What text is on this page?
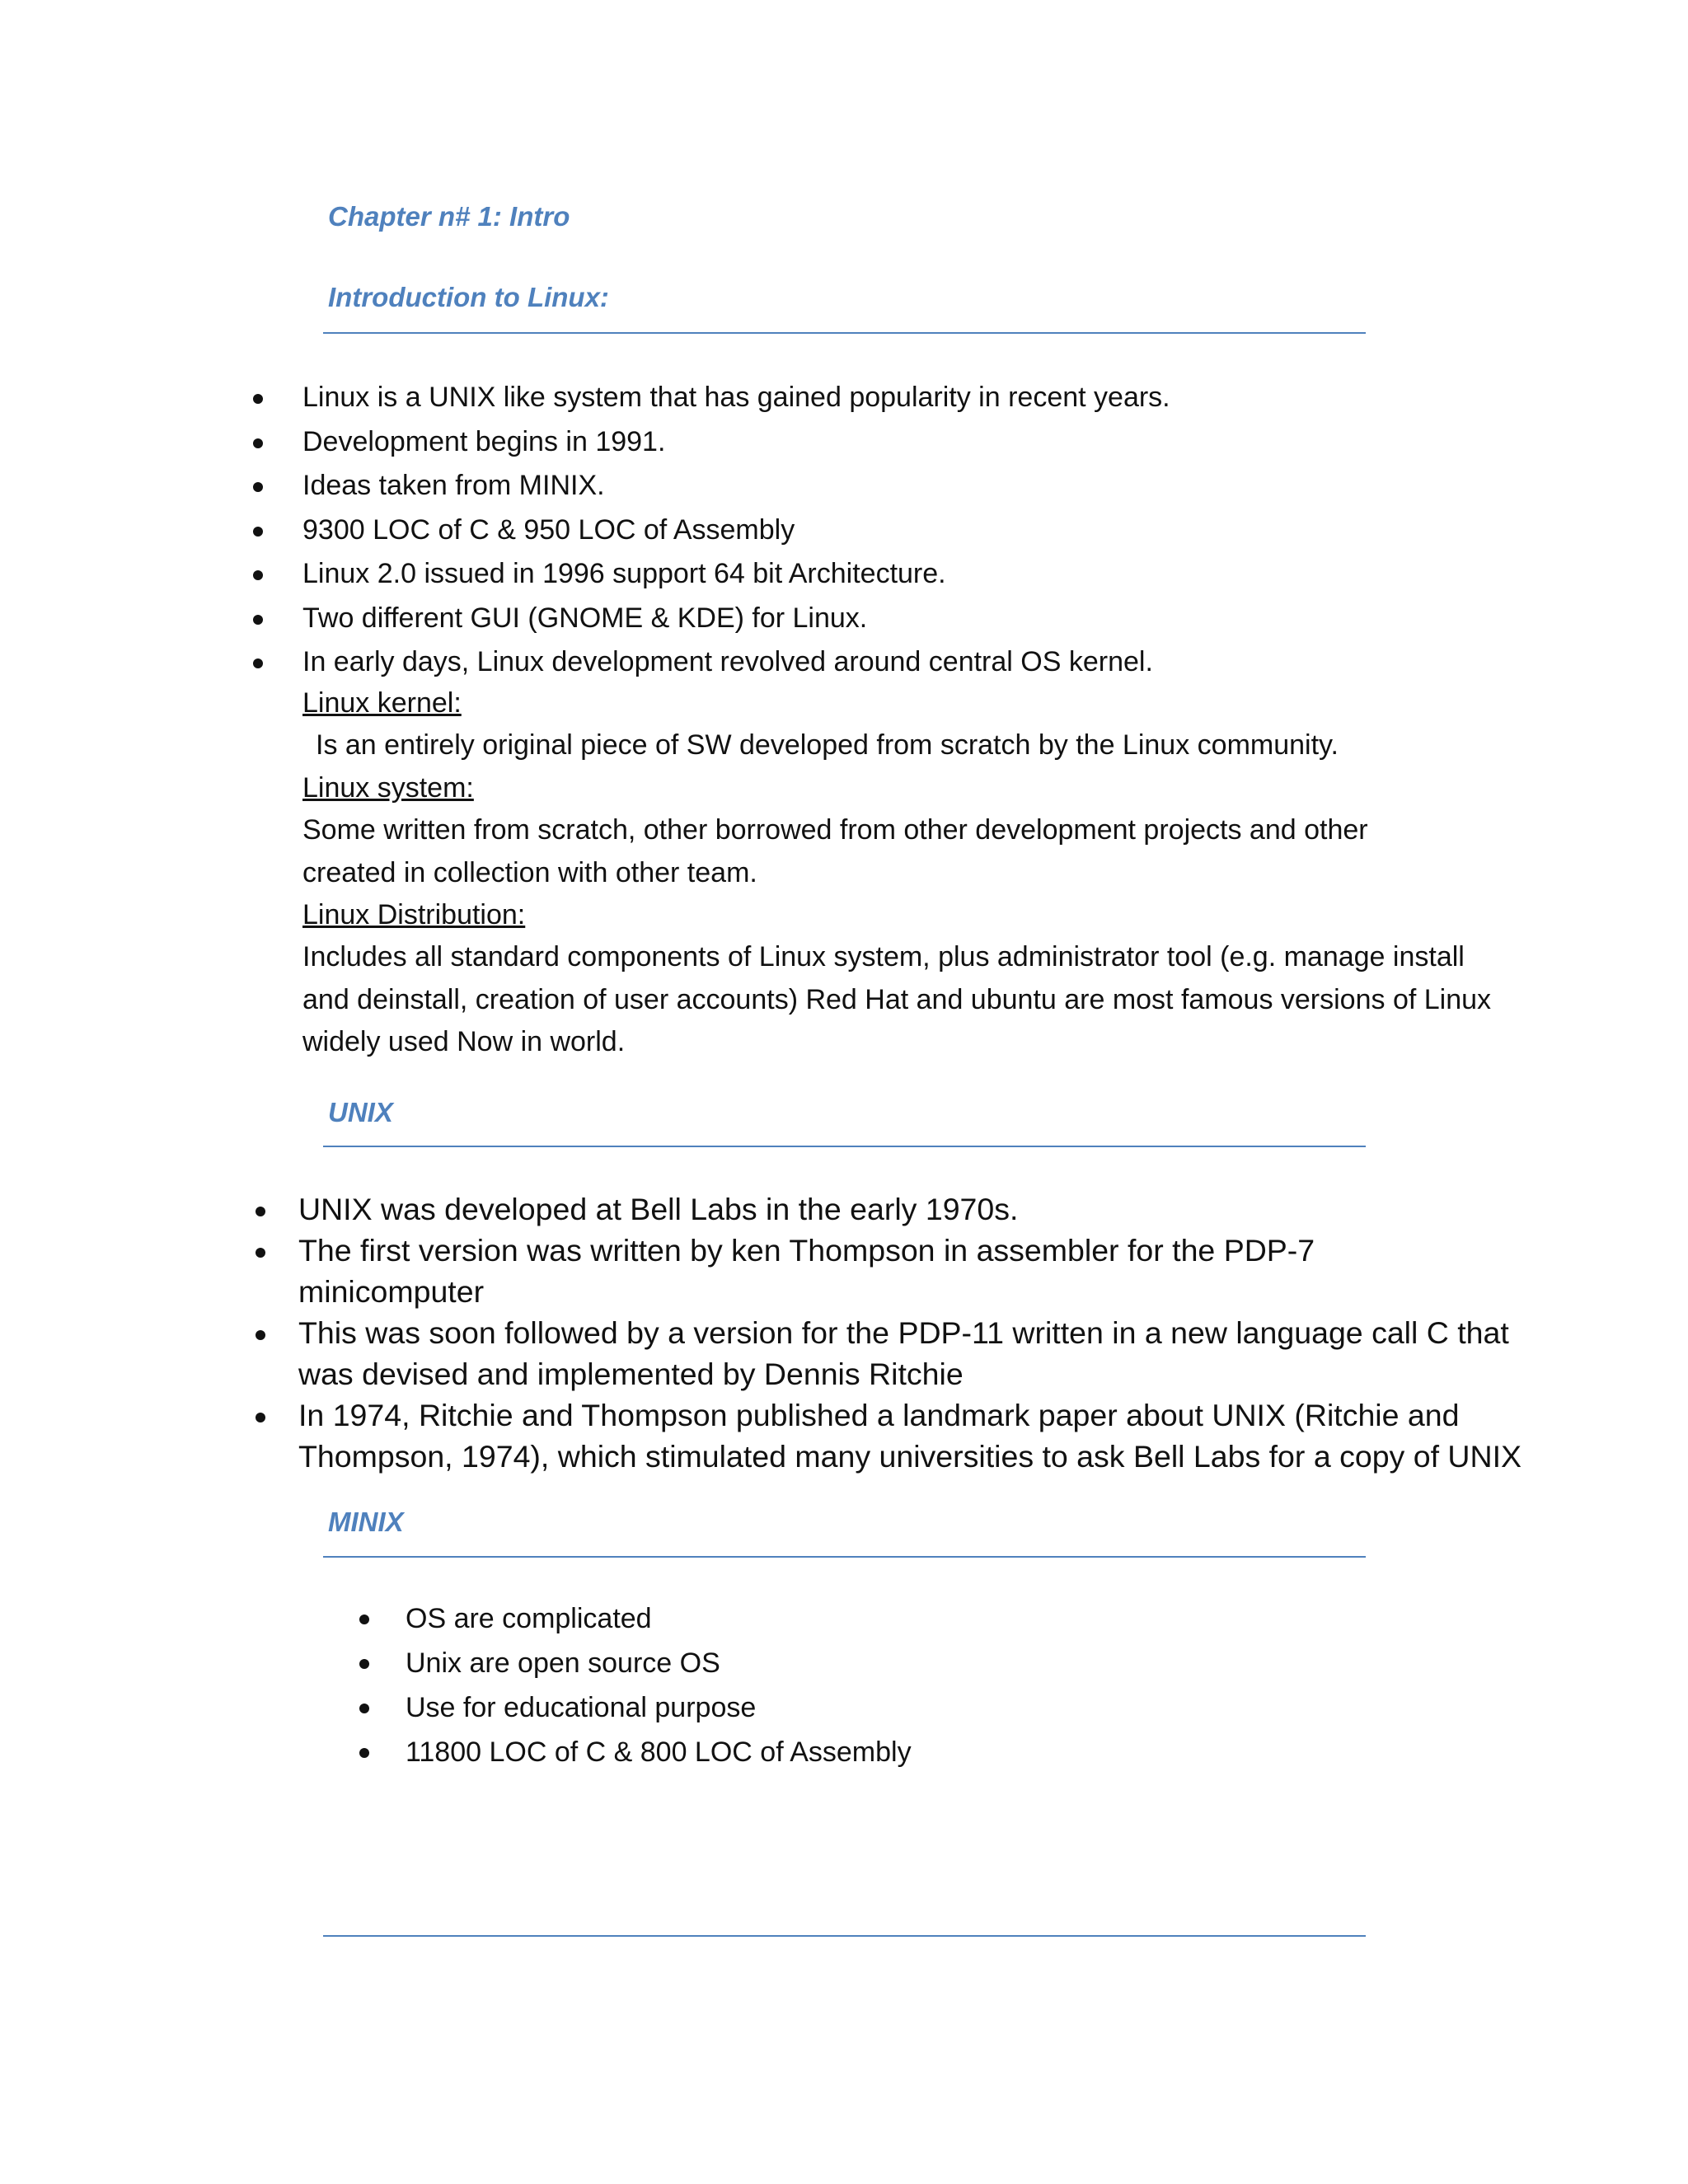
Chapter n# 1: Intro
Introduction to Linux:
Linux is a UNIX like system that has gained popularity in recent years.
Development begins in 1991.
Ideas taken from MINIX.
9300 LOC of C & 950 LOC of Assembly
Linux 2.0 issued in 1996 support 64 bit Architecture.
Two different GUI (GNOME & KDE) for Linux.
In early days, Linux development revolved around central OS kernel.

Linux kernel:

Is an entirely original piece of SW developed from scratch by the Linux community.

Linux system:

Some written from scratch, other borrowed from other development projects and other

created in collection with other team.

Linux Distribution:

Includes all standard components of Linux system, plus administrator tool (e.g. manage install

and deinstall, creation of user accounts) Red Hat and ubuntu are most famous versions of Linux

widely used Now in world.

UNIX
UNIX was developed at Bell Labs in the early 1970s.
The first version was written by ken Thompson in assembler for the PDP-7
minicomputer
This was soon followed by a version for the PDP-11 written in a new language call C that
was devised and implemented by Dennis Ritchie
In 1974, Ritchie and Thompson published a landmark paper about UNIX (Ritchie and
Thompson, 1974), which stimulated many universities to ask Bell Labs for a copy of UNIX
MINIX
OS are complicated
Unix are open source OS
Use for educational purpose
11800 LOC of C & 800 LOC of Assembly
